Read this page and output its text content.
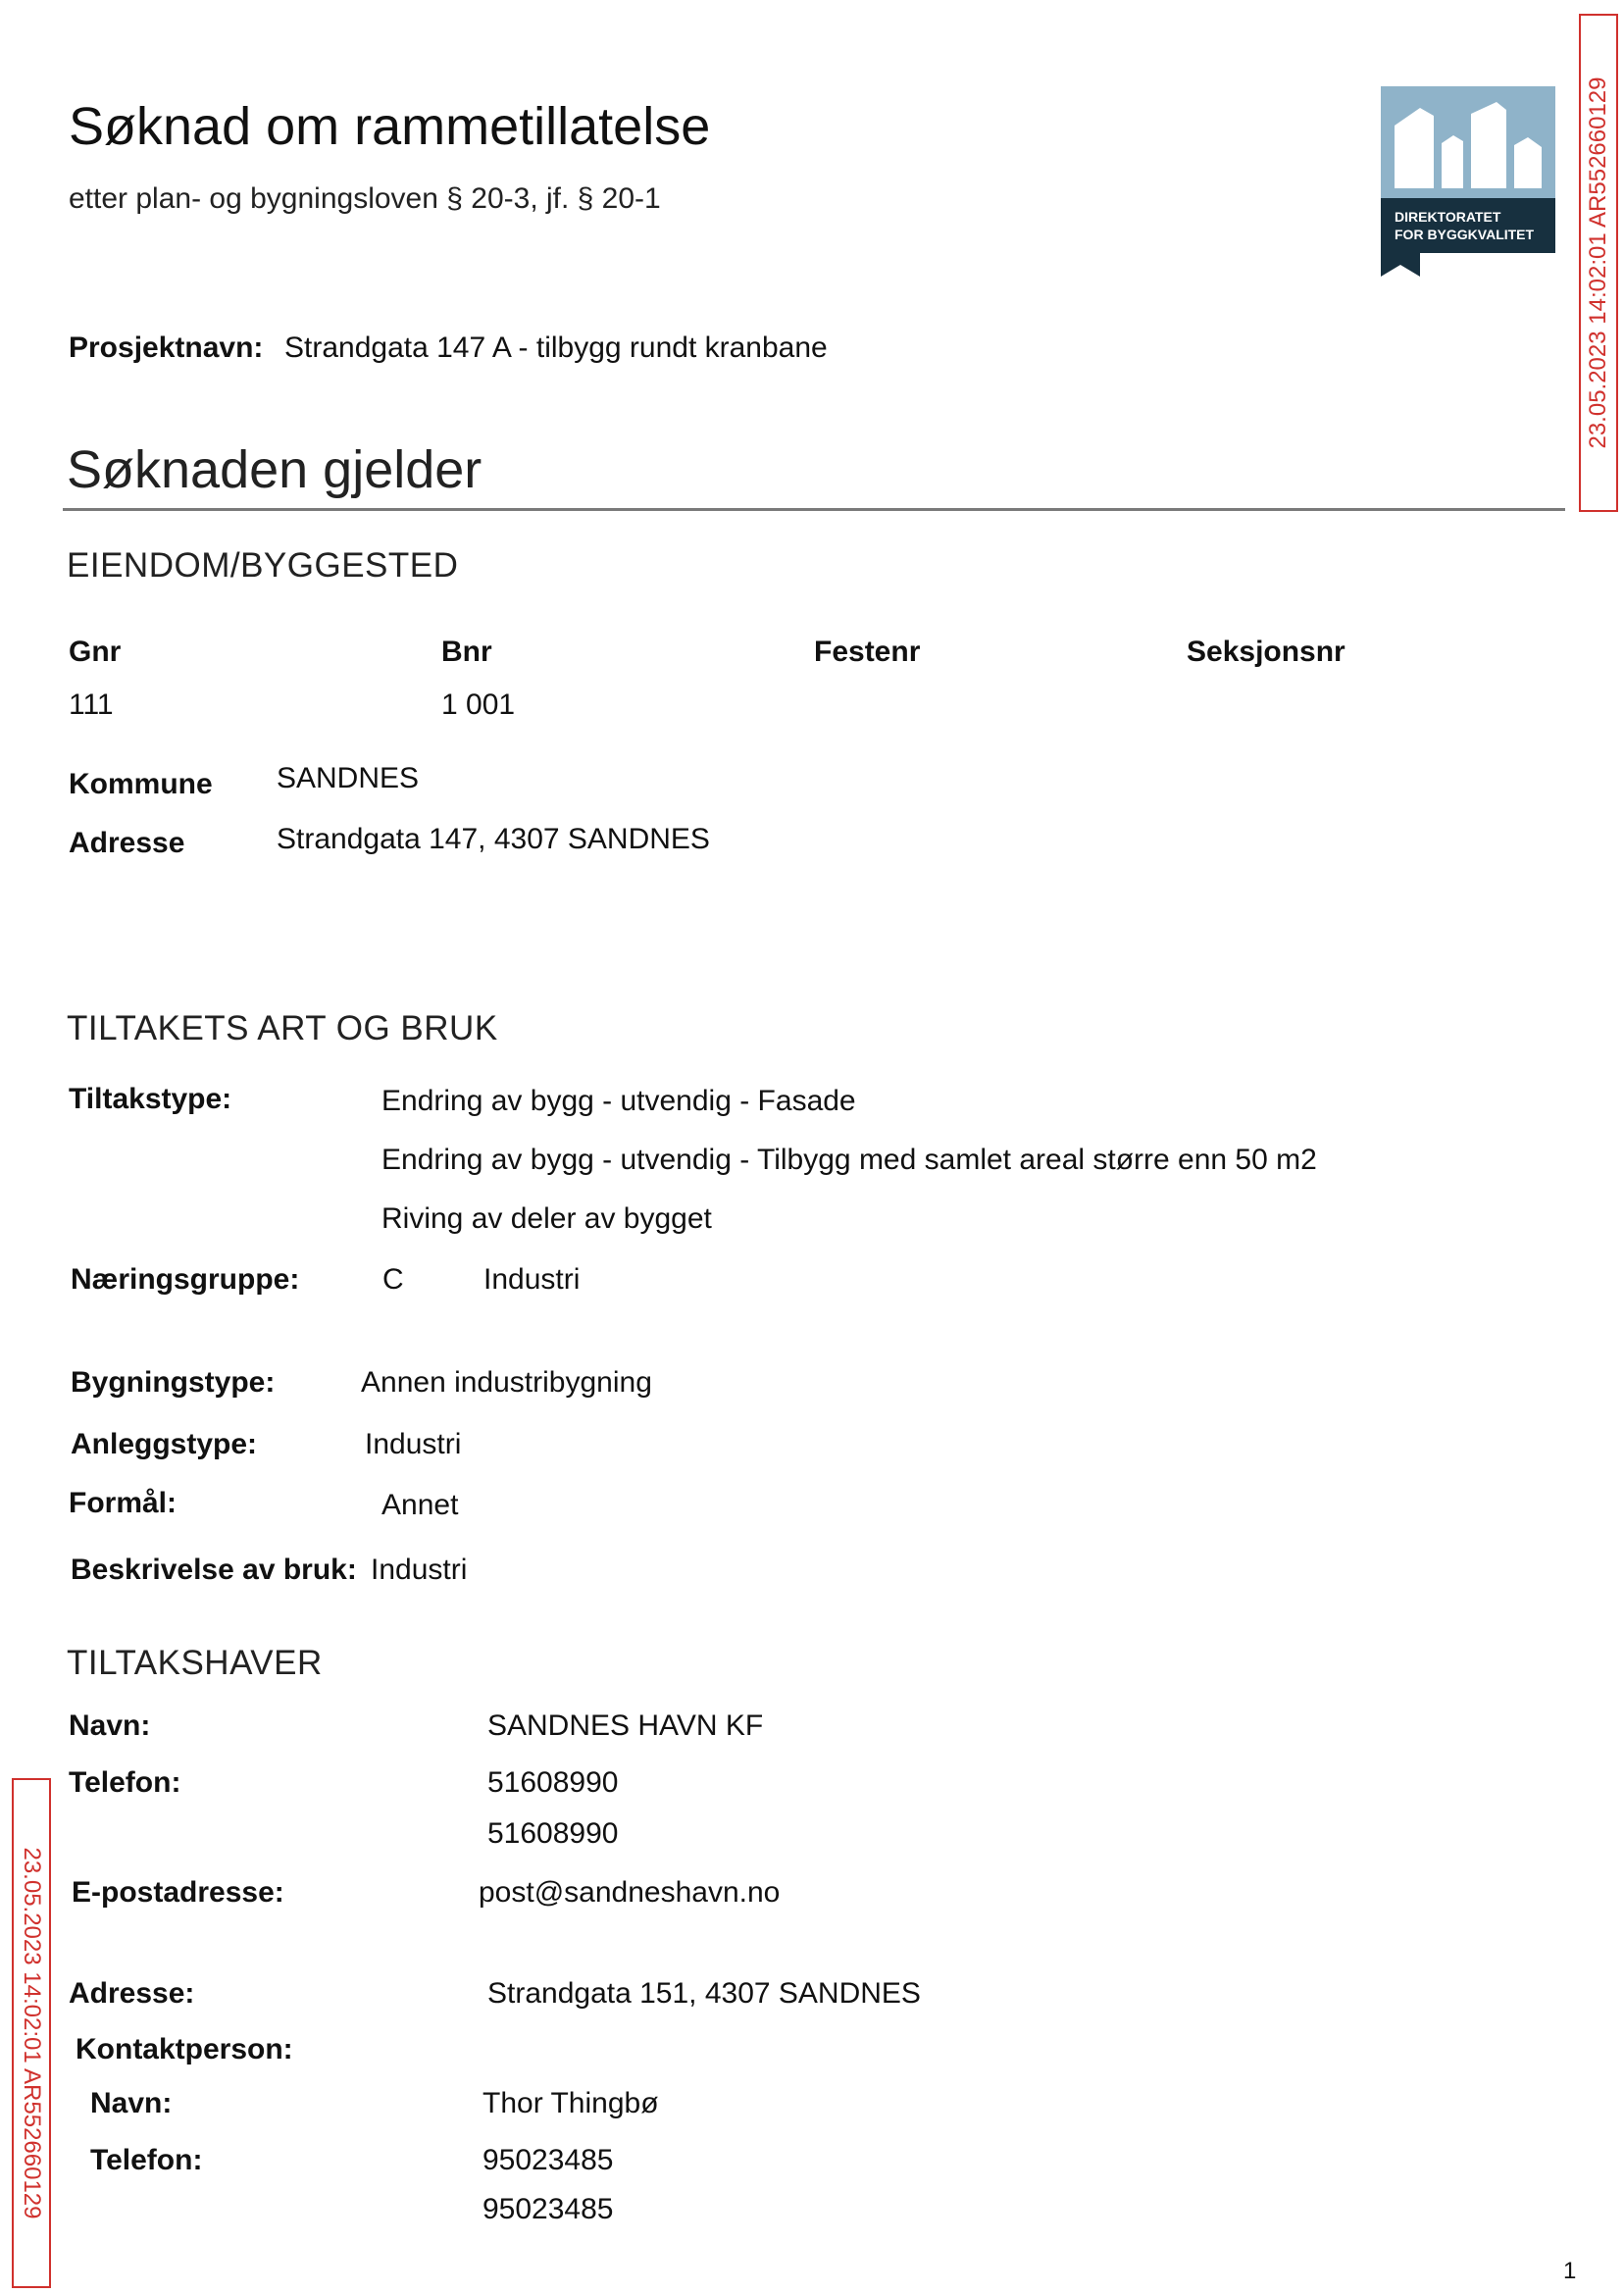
Søknad om rammetillatelse
etter plan- og bygningsloven § 20-3, jf. § 20-1
DIREKTORATET
FOR BYGGKVALITET 23.05.2023 14:02:01 AR552660129
Prosjektnavn: Strandgata 147 A - tilbygg rundt kranbane
Søknaden gjelder
EIENDOM/BYGGESTED
Gnr	Bnr	Festenr	Seksjonsnr
111	1 001
Kommune SANDNES
Adresse	Strandgata 147, 4307 SANDNES
TILTAKETS ART OG BRUK
Tiltakstype:	Endring av bygg - utvendig - Fasade
Endring av bygg - utvendig - Tilbygg med samlet areal større enn 50 m2
Riving av deler av bygget
Næringsgruppe:	C	Industri
Bygningstype:	Annen industribygning
Anleggstype:	Industri
Formål:	Annet
Beskrivelse av bruk: Industri
TILTAKSHAVER
Navn:	SANDNES HAVN KF
Telefon:	51608990
51608990
E-postadresse:	post@sandneshavn.no
Adresse:	Strandgata 151, 4307 SANDNES
Kontaktperson:
Navn:	Thor Thingbø
Telefon:	95023485
95023485
23.05.2023 14:02:01 AR552660129
1
